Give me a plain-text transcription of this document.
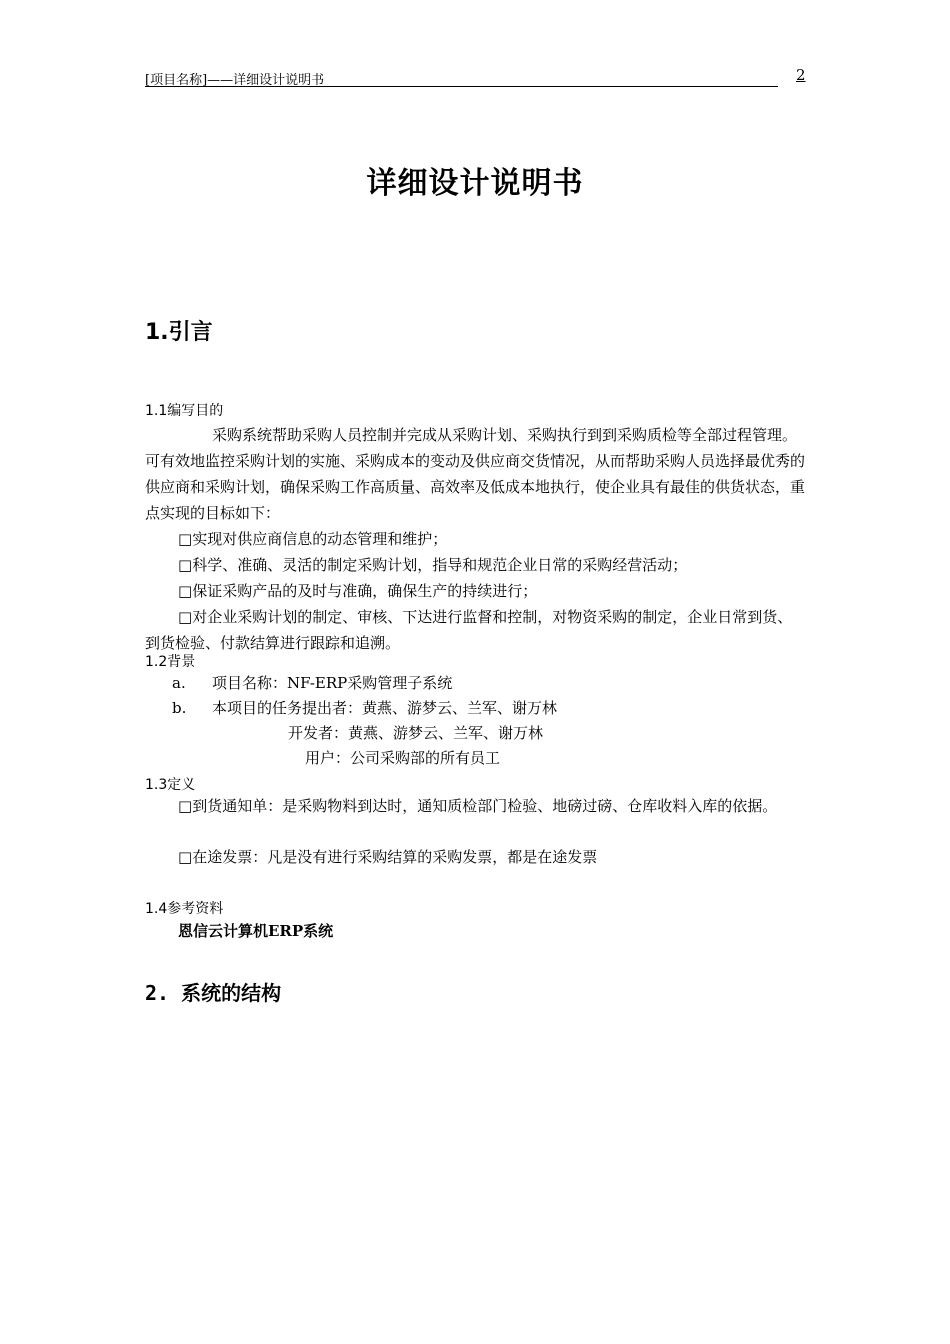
[项目名称]——详细设计说明书	2
详细设计说明书
1.引言
1.1编写目的
采购系统帮助采购人员控制并完成从采购计划、采购执行到到采购质检等全部过程管理。可有效地监控采购计划的实施、采购成本的变动及供应商交货情况，从而帮助采购人员选择最优秀的供应商和采购计划，确保采购工作高质量、高效率及低成本地执行，使企业具有最佳的供货状态，重点实现的目标如下：
□ 实现对供应商信息的动态管理和维护；
□ 科学、准确、灵活的制定采购计划，指导和规范企业日常的采购经营活动；
□ 保证采购产品的及时与准确，确保生产的持续进行；
□ 对企业采购计划的制定、审核、下达进行监督和控制，对物资采购的制定，企业日常到货、到货检验、付款结算进行跟踪和追溯。
1.2背景
a. 项目名称：NF-ERP采购管理子系统
b. 本项目的任务提出者：黄燕、游梦云、兰军、谢万林
开发者：黄燕、游梦云、兰军、谢万林
用户：公司采购部的所有员工
1.3定义
□ 到货通知单：是采购物料到达时，通知质检部门检验、地磅过磅、仓库收料入库的依据。
□ 在途发票：凡是没有进行采购结算的采购发票，都是在途发票
1.4参考资料
恩信云计算机ERP系统
2. 系统的结构
